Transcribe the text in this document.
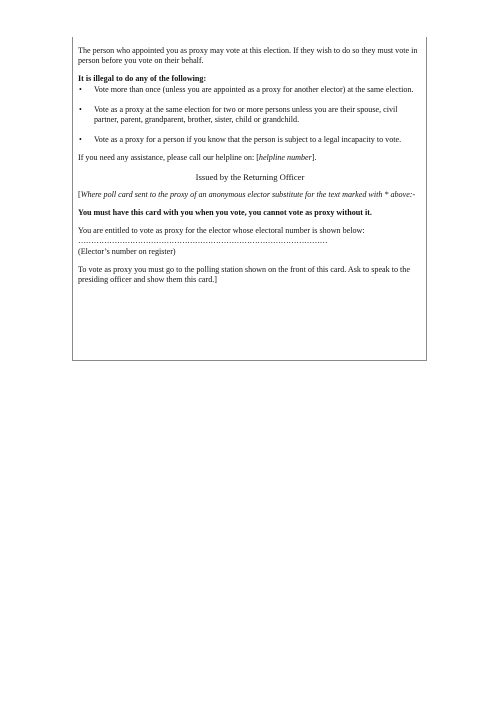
The person who appointed you as proxy may vote at this election. If they wish to do so they must vote in person before you vote on their behalf.

It is illegal to do any of the following:

• Vote more than once (unless you are appointed as a proxy for another elector) at the same election.
• Vote as a proxy at the same election for two or more persons unless you are their spouse, civil partner, parent, grandparent, brother, sister, child or grandchild.
• Vote as a proxy for a person if you know that the person is subject to a legal incapacity to vote.

If you need any assistance, please call our helpline on: [helpline number].

Issued by the Returning Officer

[Where poll card sent to the proxy of an anonymous elector substitute for the text marked with * above:-

You must have this card with you when you vote, you cannot vote as proxy without it.

You are entitled to vote as proxy for the elector whose electoral number is shown below:

……………………………………………………………………………………

(Elector’s number on register)

To vote as proxy you must go to the polling station shown on the front of this card. Ask to speak to the presiding officer and show them this card.]
